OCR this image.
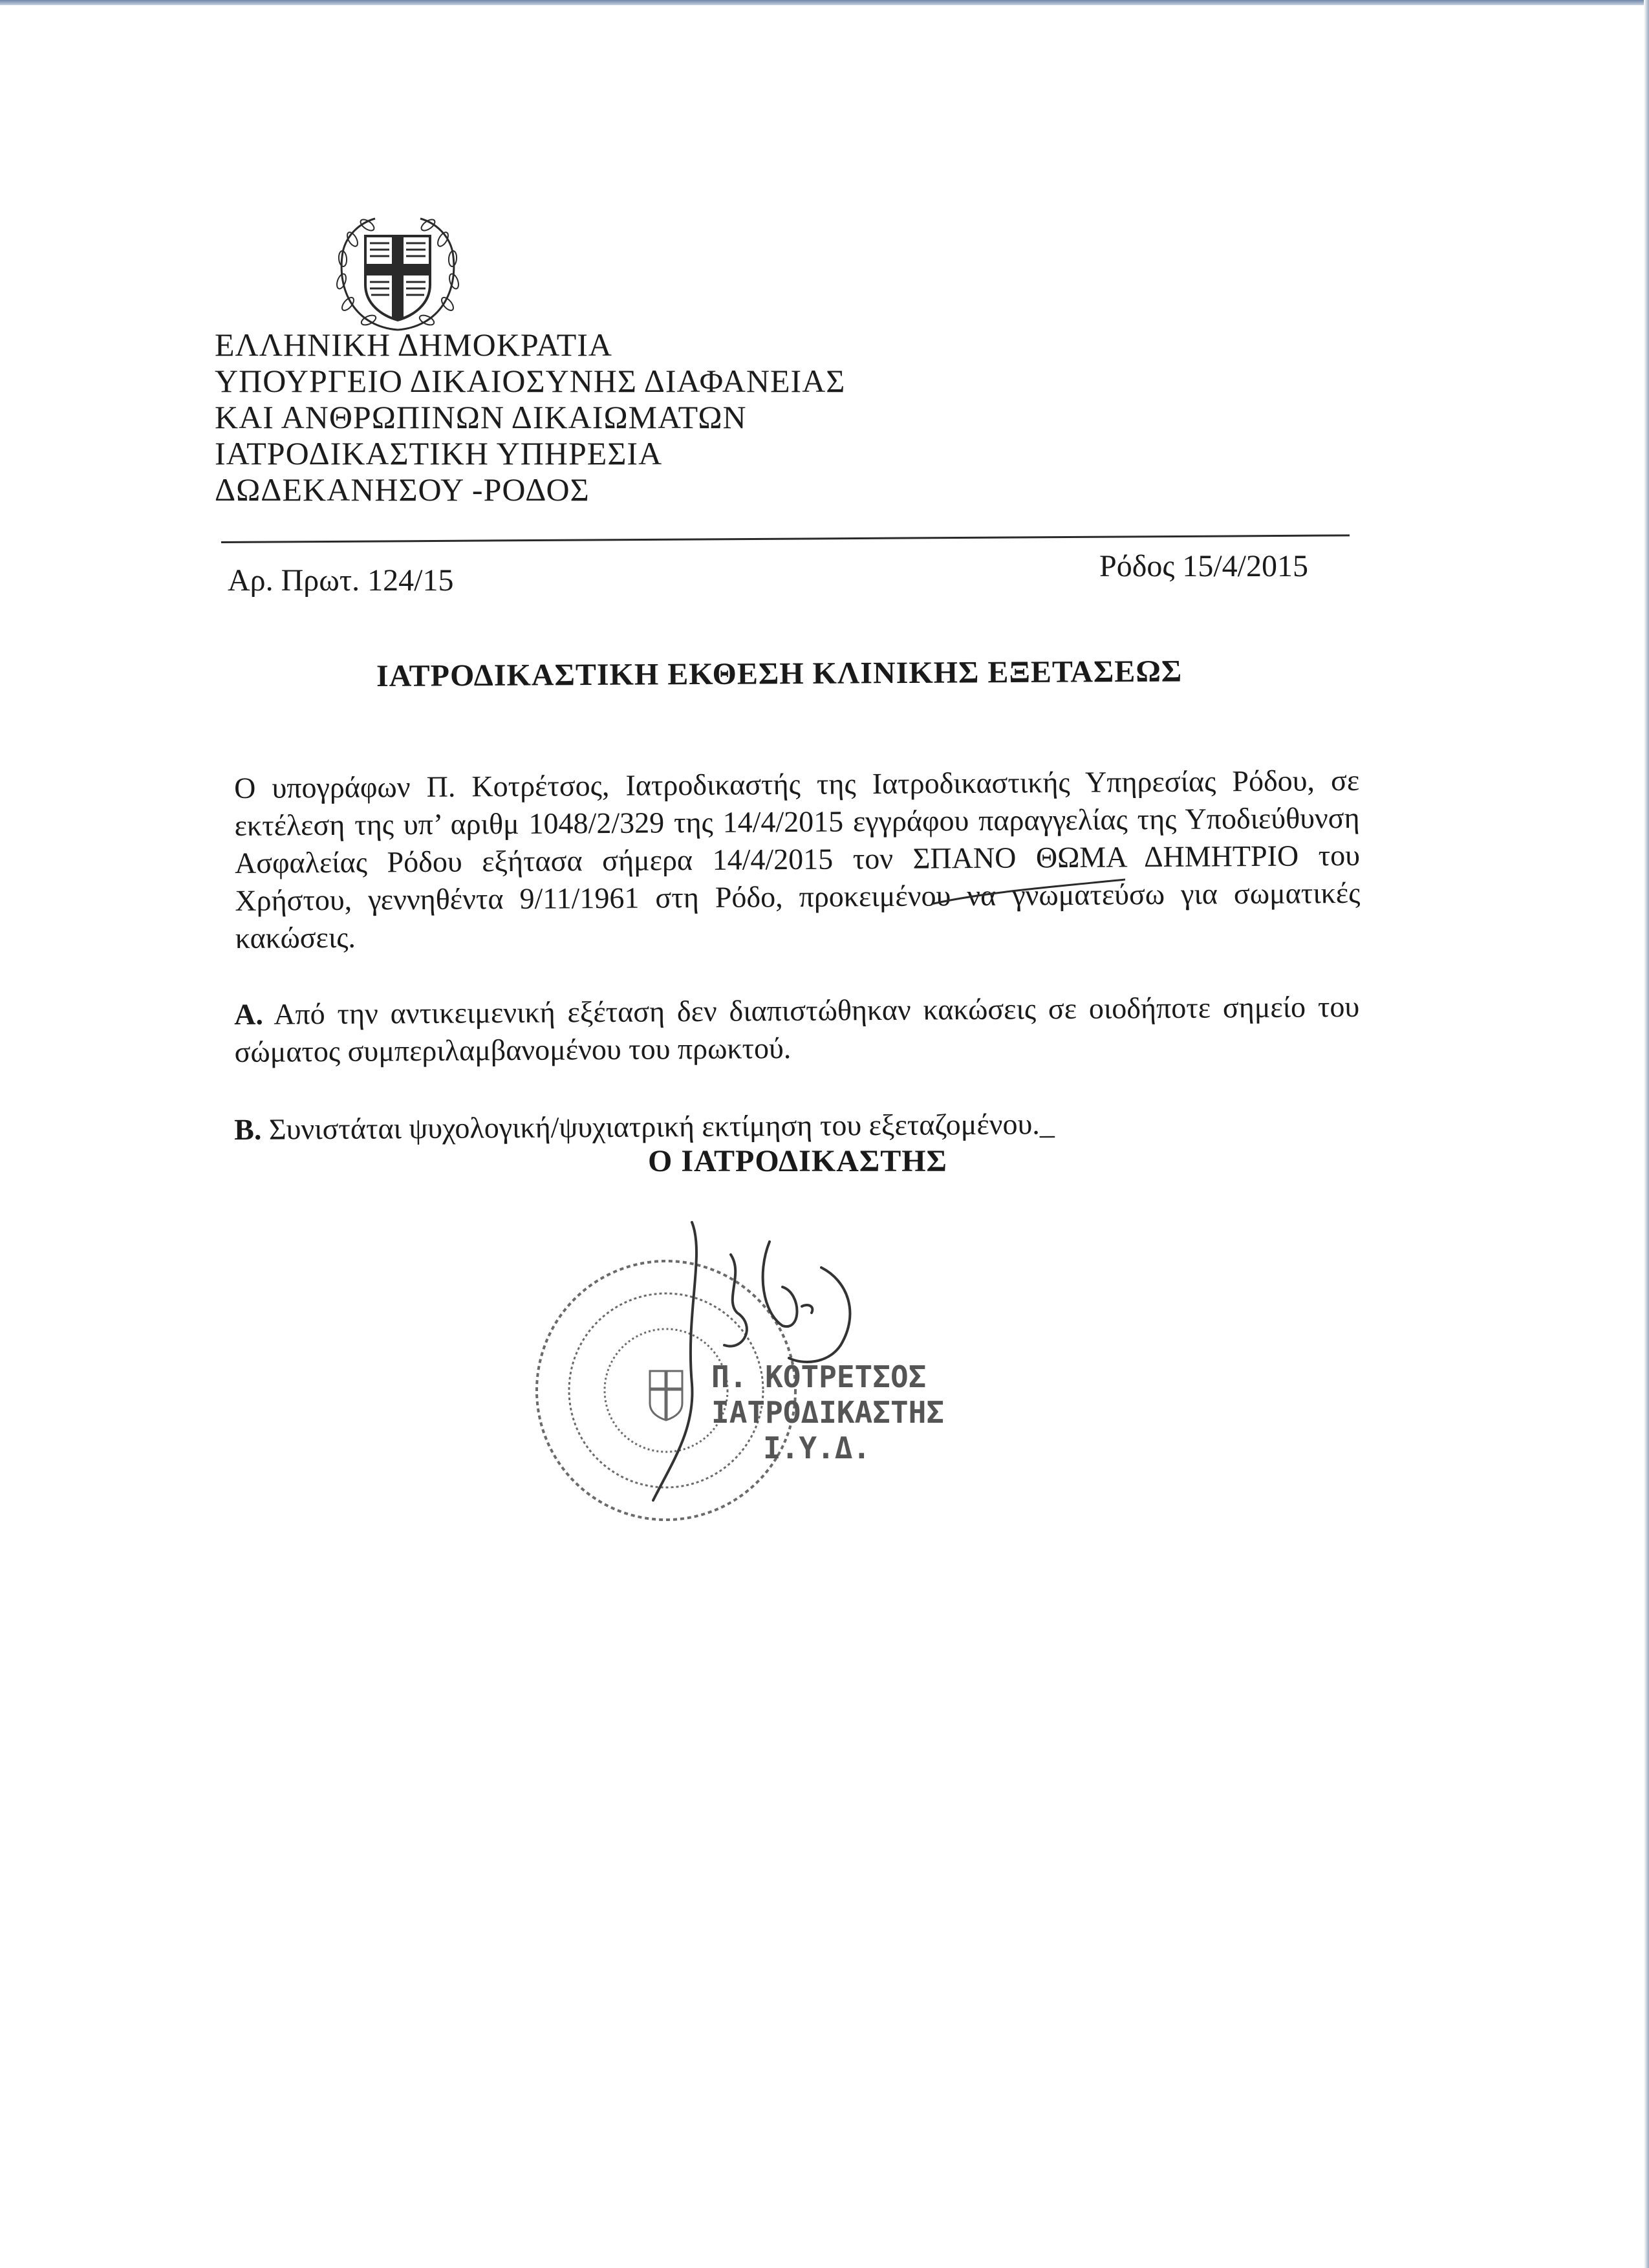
ΕΛΛΗΝΙΚΗ ΔΗΜΟΚΡΑΤΙΑ
ΥΠΟΥΡΓΕΙΟ ΔΙΚΑΙΟΣΥΝΗΣ ΔΙΑΦΑΝΕΙΑΣ
ΚΑΙ ΑΝΘΡΩΠΙΝΩΝ ΔΙΚΑΙΩΜΑΤΩΝ
ΙΑΤΡΟΔΙΚΑΣΤΙΚΗ ΥΠΗΡΕΣΙΑ
ΔΩΔΕΚΑΝΗΣΟΥ -ΡΟΔΟΣ
Αρ. Πρωτ. 124/15	Ρόδος 15/4/2015
ΙΑΤΡΟΔΙΚΑΣΤΙΚΗ ΕΚΘΕΣΗ ΚΛΙΝΙΚΗΣ ΕΞΕΤΑΣΕΩΣ
Ο υπογράφων Π. Κοτρέτσος, Ιατροδικαστής της Ιατροδικαστικής Υπηρεσίας Ρόδου, σε εκτέλεση της υπ’ αριθμ 1048/2/329 της 14/4/2015 εγγράφου παραγγελίας της Υποδιεύθυνση Ασφαλείας Ρόδου εξήτασα σήμερα 14/4/2015 τον ΣΠΑΝΟ ΘΩΜΑ ΔΗΜΗΤΡΙΟ του Χρήστου, γεννηθέντα 9/11/1961 στη Ρόδο, προκειμένου να γνωματεύσω για σωματικές κακώσεις.
Α. Από την αντικειμενική εξέταση δεν διαπιστώθηκαν κακώσεις σε οιοδήποτε σημείο του σώματος συμπεριλαμβανομένου του πρωκτού.
Β. Συνιστάται ψυχολογική/ψυχιατρική εκτίμηση του εξεταζομένου._
Ο ΙΑΤΡΟΔΙΚΑΣΤΗΣ
Π. ΚΟΤΡΕΤΣΟΣ
ΙΑΤΡΟΔΙΚΑΣΤΗΣ
Ι.Υ.Δ.
